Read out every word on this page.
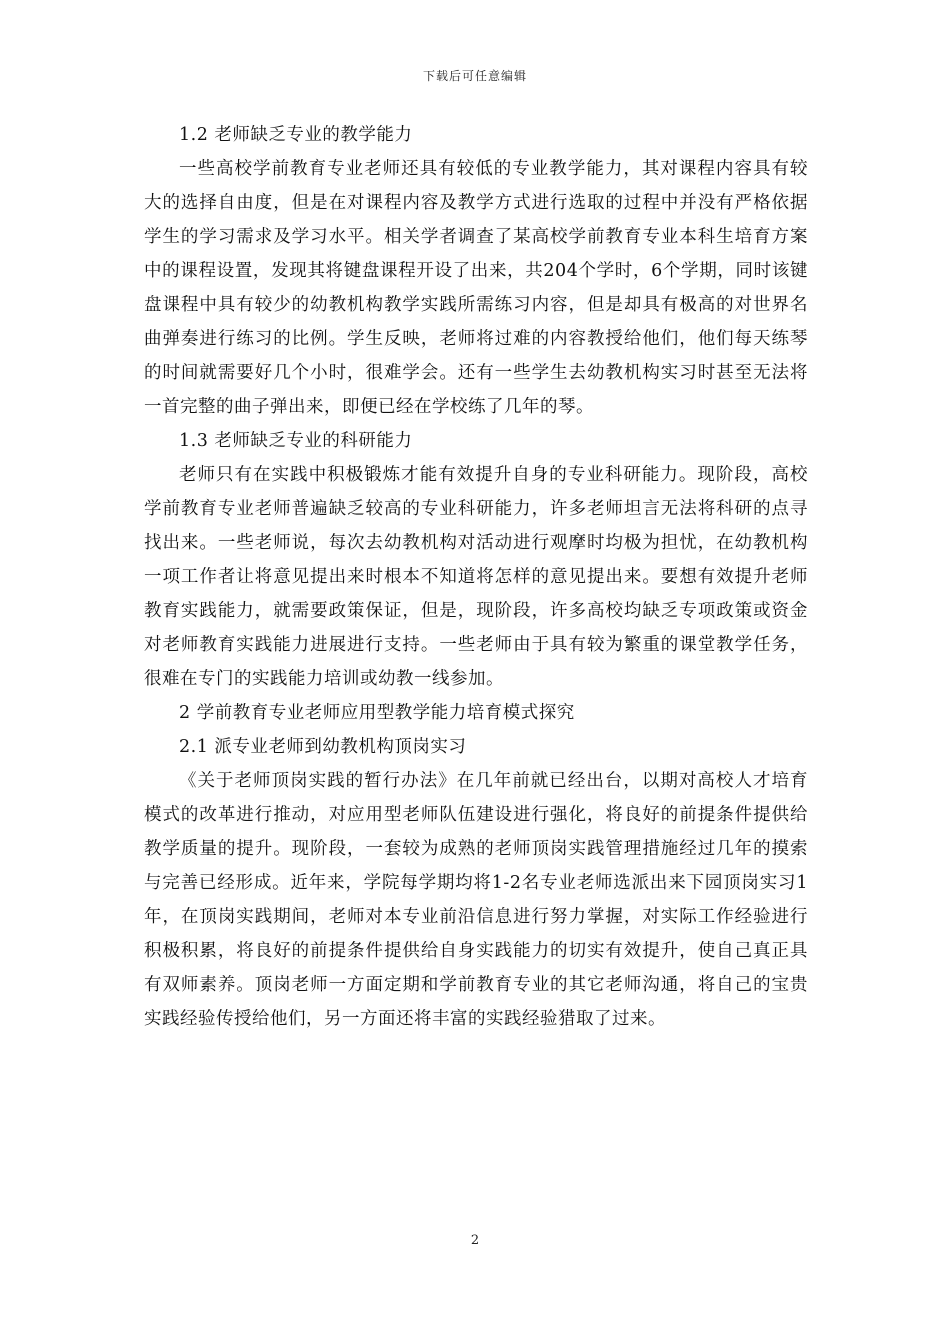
下载后可任意编辑

1.2 老师缺乏专业的教学能力

一些高校学前教育专业老师还具有较低的专业教学能力，其对课程内容具有较大的选择自由度，但是在对课程内容及教学方式进行选取的过程中并没有严格依据学生的学习需求及学习水平。相关学者调查了某高校学前教育专业本科生培育方案中的课程设置，发现其将键盘课程开设了出来，共204个学时，6个学期，同时该键盘课程中具有较少的幼教机构教学实践所需练习内容，但是却具有极高的对世界名曲弹奏进行练习的比例。学生反映，老师将过难的内容教授给他们，他们每天练琴的时间就需要好几个小时，很难学会。还有一些学生去幼教机构实习时甚至无法将一首完整的曲子弹出来，即便已经在学校练了几年的琴。

1.3 老师缺乏专业的科研能力

老师只有在实践中积极锻炼才能有效提升自身的专业科研能力。现阶段，高校学前教育专业老师普遍缺乏较高的专业科研能力，许多老师坦言无法将科研的点寻找出来。一些老师说，每次去幼教机构对活动进行观摩时均极为担忧，在幼教机构一项工作者让将意见提出来时根本不知道将怎样的意见提出来。要想有效提升老师教育实践能力，就需要政策保证，但是，现阶段，许多高校均缺乏专项政策或资金对老师教育实践能力进展进行支持。一些老师由于具有较为繁重的课堂教学任务，很难在专门的实践能力培训或幼教一线参加。

2 学前教育专业老师应用型教学能力培育模式探究

2.1 派专业老师到幼教机构顶岗实习

《关于老师顶岗实践的暂行办法》在几年前就已经出台，以期对高校人才培育模式的改革进行推动，对应用型老师队伍建设进行强化，将良好的前提条件提供给教学质量的提升。现阶段，一套较为成熟的老师顶岗实践管理措施经过几年的摸索与完善已经形成。近年来，学院每学期均将1-2名专业老师选派出来下园顶岗实习1年，在顶岗实践期间，老师对本专业前沿信息进行努力掌握，对实际工作经验进行积极积累，将良好的前提条件提供给自身实践能力的切实有效提升，使自己真正具有双师素养。顶岗老师一方面定期和学前教育专业的其它老师沟通，将自己的宝贵实践经验传授给他们，另一方面还将丰富的实践经验猎取了过来。

2
